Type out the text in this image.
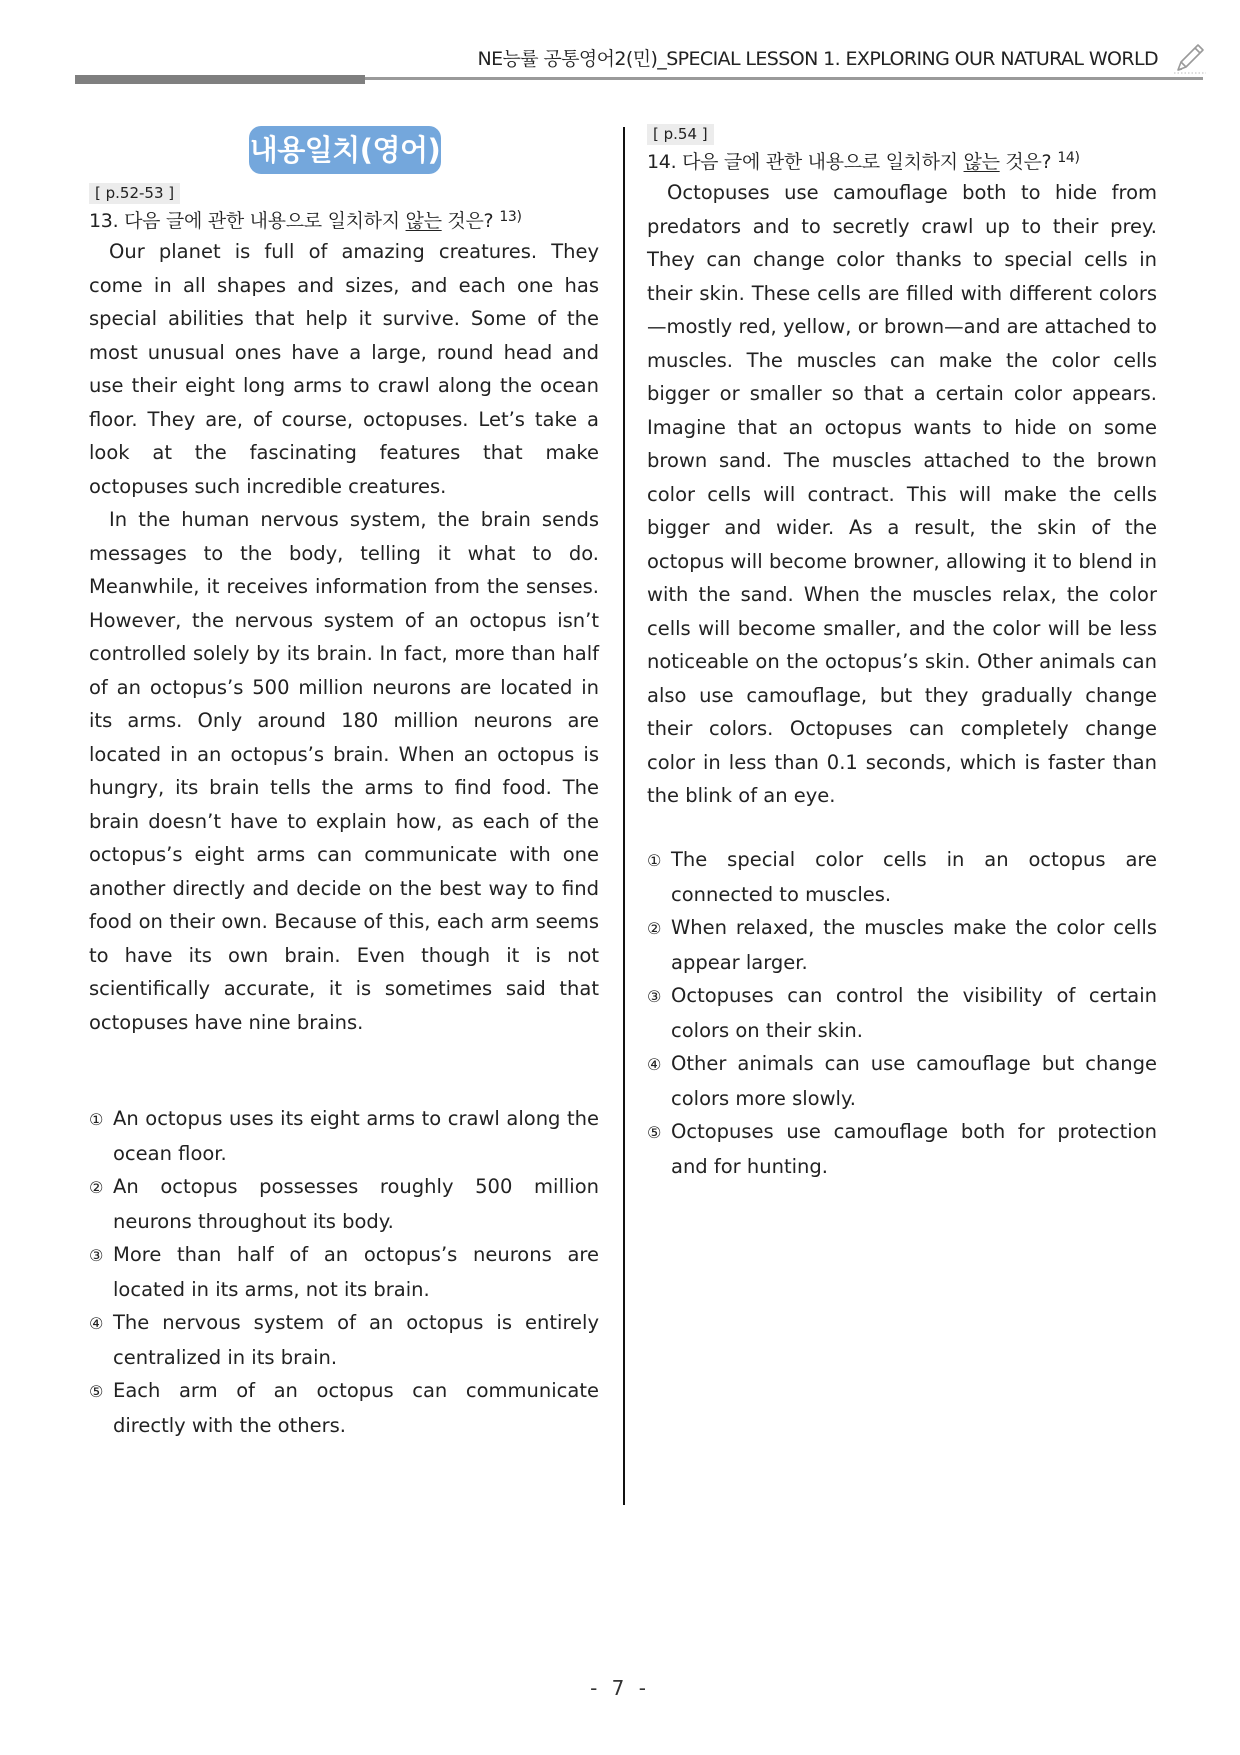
NE능률 공통영어2(민)_SPECIAL LESSON 1. EXPLORING OUR NATURAL WORLD
내용일치(영어)
[ p.52-53 ]
13. 다음 글에 관한 내용으로 일치하지 않는 것은? $^{13)}$

Our planet is full of amazing creatures. They come in all shapes and sizes, and each one has special abilities that help it survive. Some of the most unusual ones have a large, round head and use their eight long arms to crawl along the ocean floor. They are, of course, octopuses. Let’s take a look at the fascinating features that make octopuses such incredible creatures.

In the human nervous system, the brain sends messages to the body, telling it what to do. Meanwhile, it receives information from the senses. However, the nervous system of an octopus isn’t controlled solely by its brain. In fact, more than half of an octopus’s 500 million neurons are located in its arms. Only around 180 million neurons are located in an octopus’s brain. When an octopus is hungry, its brain tells the arms to find food. The brain doesn’t have to explain how, as each of the octopus’s eight arms can communicate with one another directly and decide on the best way to find food on their own. Because of this, each arm seems to have its own brain. Even though it is not scientifically accurate, it is sometimes said that octopuses have nine brains.

① An octopus uses its eight arms to crawl along the ocean floor.

② An octopus possesses roughly 500 million neurons throughout its body.

③ More than half of an octopus’s neurons are located in its arms, not its brain.

④ The nervous system of an octopus is entirely centralized in its brain.

⑤ Each arm of an octopus can communicate directly with the others.

[ p.54 ]
14. 다음 글에 관한 내용으로 일치하지 않는 것은? $^{14)}$

Octopuses use camouflage both to hide from predators and to secretly crawl up to their prey. They can change color thanks to special cells in their skin. These cells are filled with different colors—mostly red, yellow, or brown—and are attached to muscles. The muscles can make the color cells bigger or smaller so that a certain color appears. Imagine that an octopus wants to hide on some brown sand. The muscles attached to the brown color cells will contract. This will make the cells bigger and wider. As a result, the skin of the octopus will become browner, allowing it to blend in with the sand. When the muscles relax, the color cells will become smaller, and the color will be less noticeable on the octopus’s skin. Other animals can also use camouflage, but they gradually change their colors. Octopuses can completely change color in less than 0.1 seconds, which is faster than the blink of an eye.

① The special color cells in an octopus are connected to muscles.

② When relaxed, the muscles make the color cells appear larger.

③ Octopuses can control the visibility of certain colors on their skin.

④ Other animals can use camouflage but change colors more slowly.

⑤ Octopuses use camouflage both for protection and for hunting.

- 7 -
